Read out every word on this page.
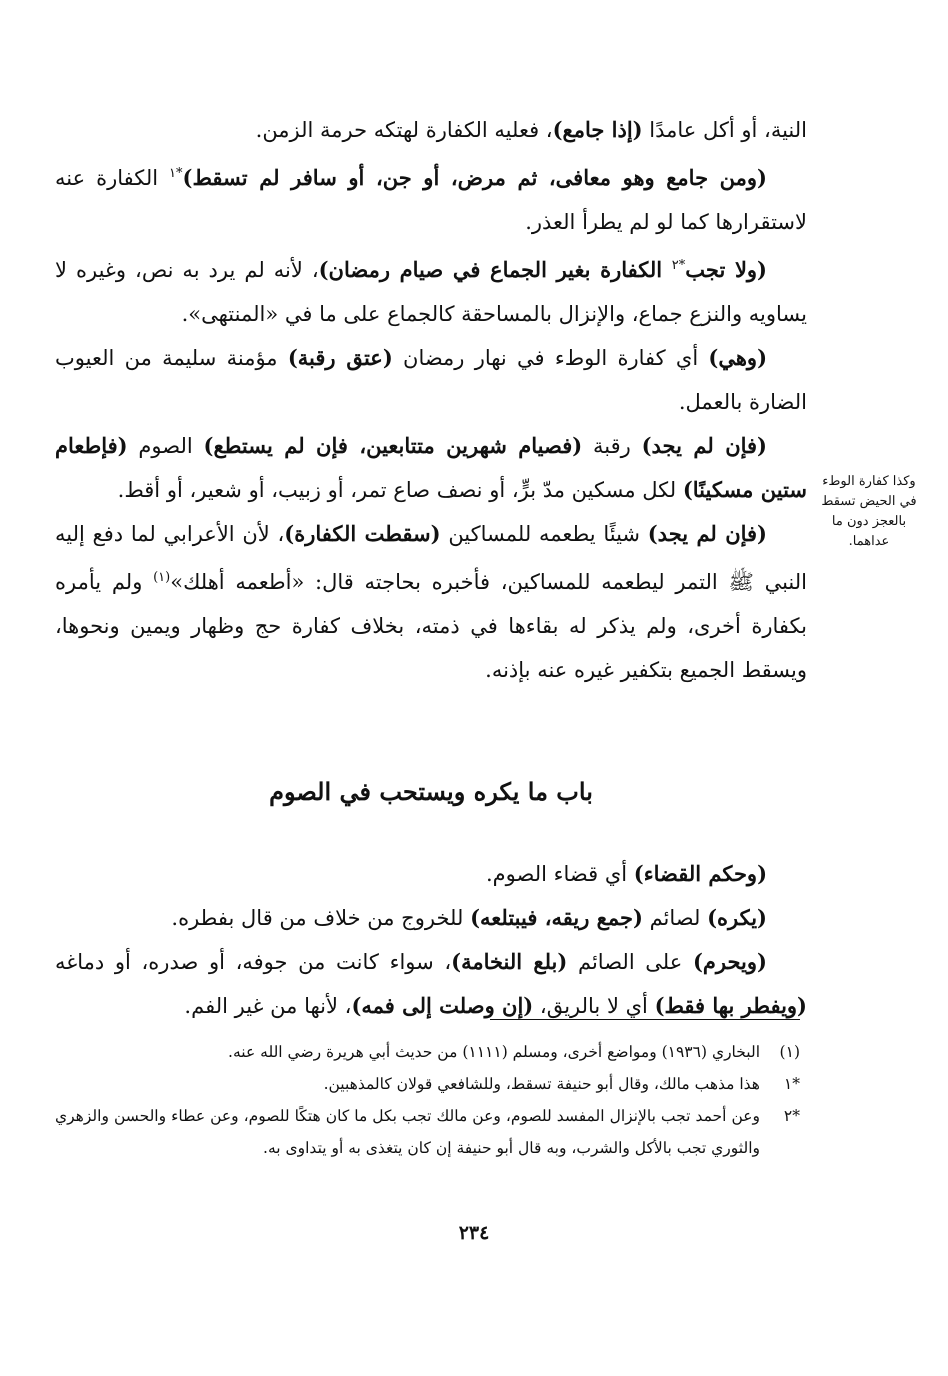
النية، أو أكل عامدًا (إذا جامع)، فعليه الكفارة لهتكه حرمة الزمن.

(ومن جامع وهو معافى، ثم مرض، أو جن، أو سافر لم تسقط)$^{*١}$ الكفارة عنه لاستقرارها كما لو لم يطرأ العذر.

(ولا تجب$^{*٢}$ الكفارة بغير الجماع في صيام رمضان)، لأنه لم يرد به نص، وغيره لا يساويه والنزع جماع، والإنزال بالمساحقة كالجماع على ما في «المنتهى».

(وهي) أي كفارة الوطء في نهار رمضان (عتق رقبة) مؤمنة سليمة من العيوب الضارة بالعمل.

(فإن لم يجد) رقبة (فصيام شهرين متتابعين، فإن لم يستطع) الصوم (فإطعام ستين مسكينًا) لكل مسكين مدّ برٍّ، أو نصف صاع تمر، أو زبيب، أو شعير، أو أقط.

(فإن لم يجد) شيئًا يطعمه للمساكين (سقطت الكفارة)، لأن الأعرابي لما دفع إليه النبي ﷺ التمر ليطعمه للمساكين، فأخبره بحاجته قال: «أطعمه أهلك»$^{(١)}$ ولم يأمره بكفارة أخرى، ولم يذكر له بقاءها في ذمته، بخلاف كفارة حج وظهار ويمين ونحوها، ويسقط الجميع بتكفير غيره عنه بإذنه.

باب ما يكره ويستحب في الصوم

(وحكم القضاء) أي قضاء الصوم.

(يكره) لصائم (جمع ريقه، فيبتلعه) للخروج من خلاف من قال بفطره.

(ويحرم) على الصائم (بلع النخامة)، سواء كانت من جوفه، أو صدره، أو دماغه (ويفطر بها فقط) أي لا بالريق، (إن وصلت إلى فمه)، لأنها من غير الفم.

وكذا كفارة الوطء في الحيض تسقط بالعجز دون ما عداهما.
(١)
البخاري (١٩٣٦) ومواضع أخرى، ومسلم (١١١١) من حديث أبي هريرة رضي الله عنه.
*١
هذا مذهب مالك، وقال أبو حنيفة تسقط، وللشافعي قولان كالمذهبين.
*٢
وعن أحمد تجب بالإنزال المفسد للصوم، وعن مالك تجب بكل ما كان هتكًا للصوم، وعن عطاء والحسن والزهري والثوري تجب بالأكل والشرب، وبه قال أبو حنيفة إن كان يتغذى به أو يتداوى به.
٢٣٤
